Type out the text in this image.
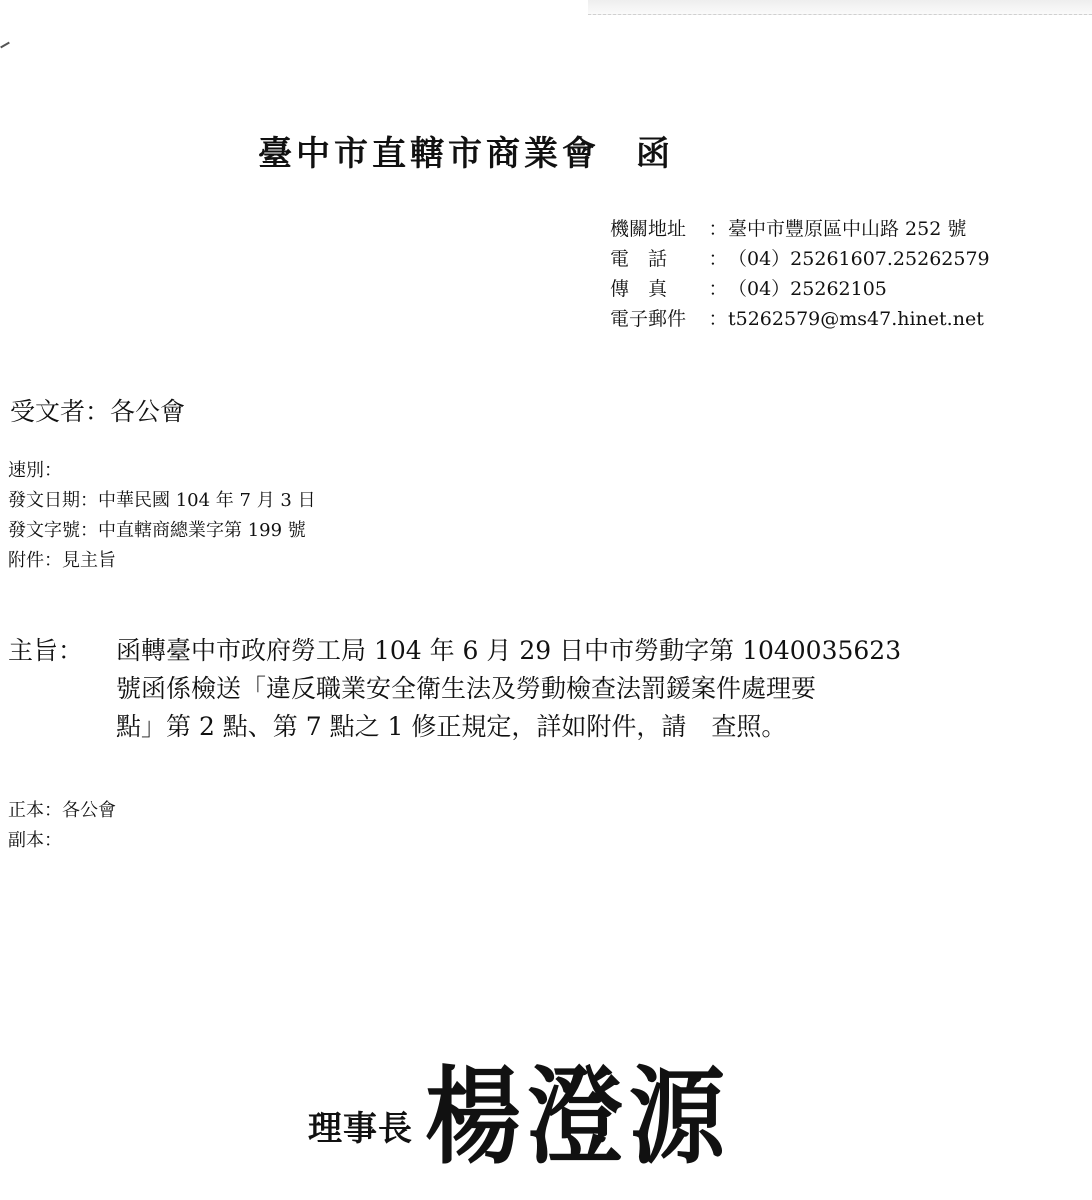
臺中市直轄市商業會 函
機關地址	： 臺中市豐原區中山路 252 號
電　話	： （04）25261607.25262579
傳　真	： （04）25262105
電子郵件	： t5262579@ms47.hinet.net
受文者：各公會
速別：
發文日期：中華民國 104 年 7 月 3 日
發文字號：中直轄商總業字第 199 號
附件：見主旨
主旨： 函轉臺中市政府勞工局 104 年 6 月 29 日中市勞動字第 1040035623
號函係檢送「違反職業安全衛生法及勞動檢查法罰鍰案件處理要
點」第 2 點、第 7 點之 1 修正規定，詳如附件，請　查照。
正本：各公會
副本：
理事長 楊澄源
